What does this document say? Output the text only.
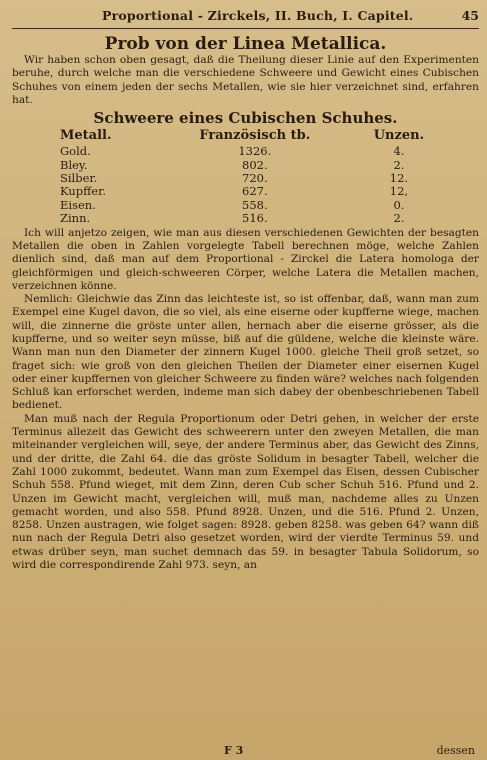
Proportional - Zirckels, II. Buch, I. Capitel.	45
Prob von der Linea Metallica.

Wir haben schon oben gesagt, daß die Theilung dieser Linie auf den Experimenten beruhe, durch welche man die verschiedene Schweere und Gewicht eines Cubischen Schuhes von einem jeden der sechs Metallen, wie sie hier verzeichnet sind, erfahren hat.

Schweere eines Cubischen Schuhes.
Metall.	Französisch tb.	Unzen.
Gold.	1326.	4.
Bley.	802.	2.
Silber.	720.	12.
Kupffer.	627.	12,
Eisen.	558.	0.
Zinn.	516.	2.

Ich will anjetzo zeigen, wie man aus diesen verschiedenen Gewichten der besagten Metallen die oben in Zahlen vorgelegte Tabell berechnen möge, welche Zahlen dienlich sind, daß man auf dem Proportional - Zirckel die Latera homologa der gleichförmigen und gleich-schweeren Cörper, welche Latera die Metallen machen, verzeichnen könne.

Nemlich: Gleichwie das Zinn das leichteste ist, so ist offenbar, daß, wann man zum Exempel eine Kugel davon, die so viel, als eine eiserne oder kupfferne wiege, machen will, die zinnerne die gröste unter allen, hernach aber die eiserne grösser, als die kupfferne, und so weiter seyn müsse, biß auf die güldene, welche die kleinste wäre. Wann man nun den Diameter der zinnern Kugel 1000. gleiche Theil groß setzet, so fraget sich: wie groß von den gleichen Theilen der Diameter einer eisernen Kugel oder einer kupffernen von gleicher Schweere zu finden wäre? welches nach folgenden Schluß kan erforschet werden, indeme man sich dabey der obenbeschriebenen Tabell bedienet.

Man muß nach der Regula Proportionum oder Detri gehen, in welcher der erste Terminus allezeit das Gewicht des schweerern unter den zweyen Metallen, die man miteinander vergleichen will, seye, der andere Terminus aber, das Gewicht des Zinns, und der dritte, die Zahl 64. die das gröste Solidum in besagter Tabell, welcher die Zahl 1000 zukommt, bedeutet. Wann man zum Exempel das Eisen, dessen Cubischer Schuh 558. Pfund wieget, mit dem Zinn, deren Cub scher Schuh 516. Pfund und 2. Unzen im Gewicht macht, vergleichen will, muß man, nachdeme alles zu Unzen gemacht worden, und also 558. Pfund 8928. Unzen, und die 516. Pfund 2. Unzen, 8258. Unzen austragen, wie folget sagen: 8928. geben 8258. was geben 64? wann diß nun nach der Regula Detri also gesetzet worden, wird der vierdte Terminus 59. und etwas drüber seyn, man suchet demnach das 59. in besagter Tabula Solidorum, so wird die correspondirende Zahl 973. seyn, an

F 3	dessen
